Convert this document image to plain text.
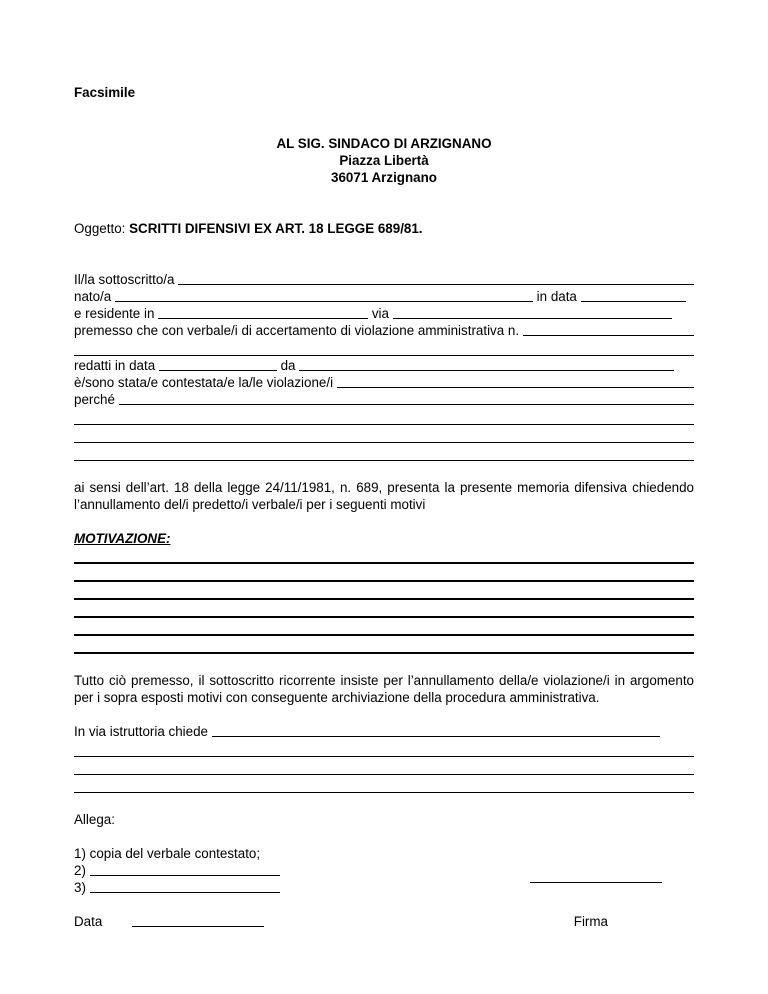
Facsimile
AL SIG. SINDACO DI ARZIGNANO
Piazza Libertà
36071 Arzignano
Oggetto: SCRITTI DIFENSIVI EX ART. 18 LEGGE 689/81.
Il/la sottoscritto/a
nato/a	in data
e residente in	via
premesso che con verbale/i di accertamento di violazione amministrativa n.
redatti in data	da
è/sono stata/e contestata/e la/le violazione/i
perché
ai sensi dell’art. 18 della legge 24/11/1981, n. 689, presenta la presente memoria difensiva chiedendo l’annullamento del/i predetto/i verbale/i per i seguenti motivi
MOTIVAZIONE:
Tutto ciò premesso, il sottoscritto ricorrente insiste per l’annullamento della/e violazione/i in argomento per i sopra esposti motivi con conseguente archiviazione della procedura amministrativa.
In via istruttoria chiede
Allega:
1) copia del verbale contestato;
2)
3)
Data	Firma
